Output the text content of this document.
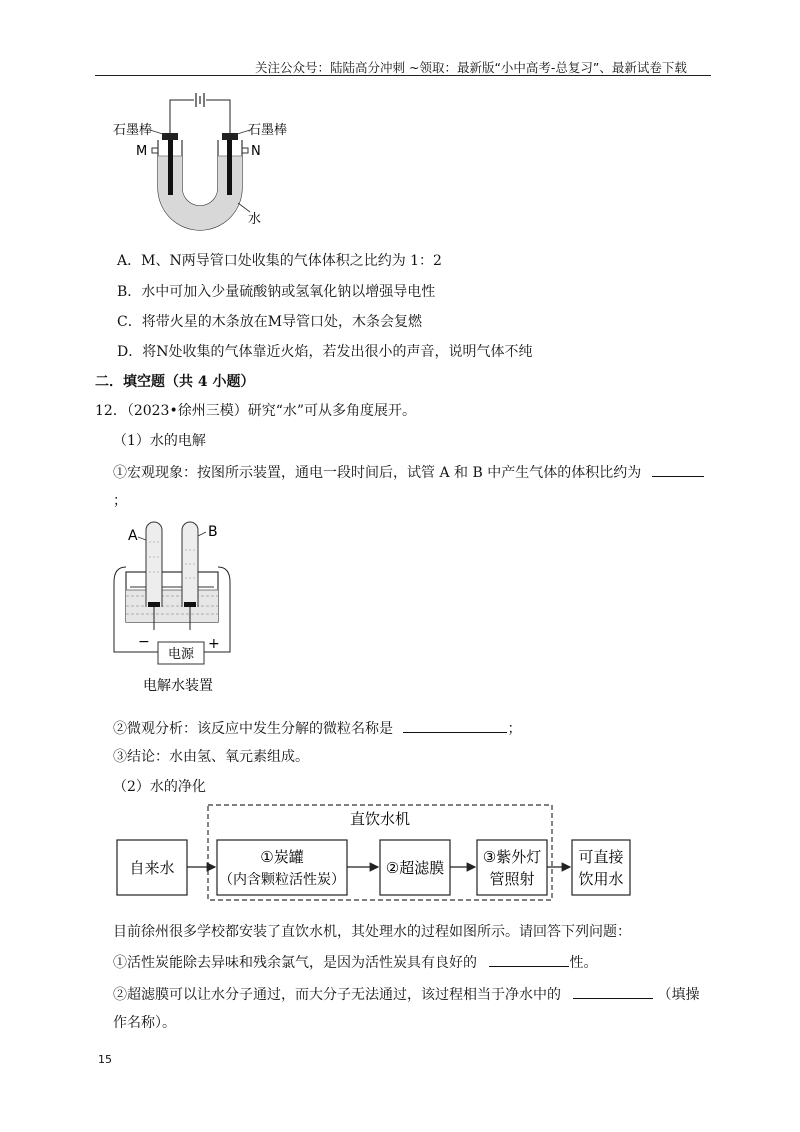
关注公众号：陆陆高分冲刺 ~领取：最新版“小中高考-总复习”、最新试卷下载
石墨棒	石墨棒
M	N
水
A．M、N两导管口处收集的气体体积之比约为 1：2
B．水中可加入少量硫酸钠或氢氧化钠以增强导电性
C．将带火星的木条放在M导管口处，木条会复燃
D．将N处收集的气体靠近火焰，若发出很小的声音，说明气体不纯
二．填空题（共 4 小题）
12．（2023•徐州三模）研究“水”可从多角度展开。
（1）水的电解
①宏观现象：按图所示装置，通电一段时间后，试管 A 和 B 中产生气体的体积比约为
；
A	B
−	+
电源
电解水装置
②微观分析：该反应中发生分解的微粒名称是	；
③结论：水由氢、氧元素组成。
（2）水的净化
直饮水机
自来水
①炭罐
（内含颗粒活性炭）
②超滤膜
③紫外灯
管照射
可直接
饮用水
目前徐州很多学校都安装了直饮水机，其处理水的过程如图所示。请回答下列问题：
①活性炭能除去异味和残余氯气，是因为活性炭具有良好的	性。
②超滤膜可以让水分子通过，而大分子无法通过，该过程相当于净水中的	（填操
作名称）。
15
